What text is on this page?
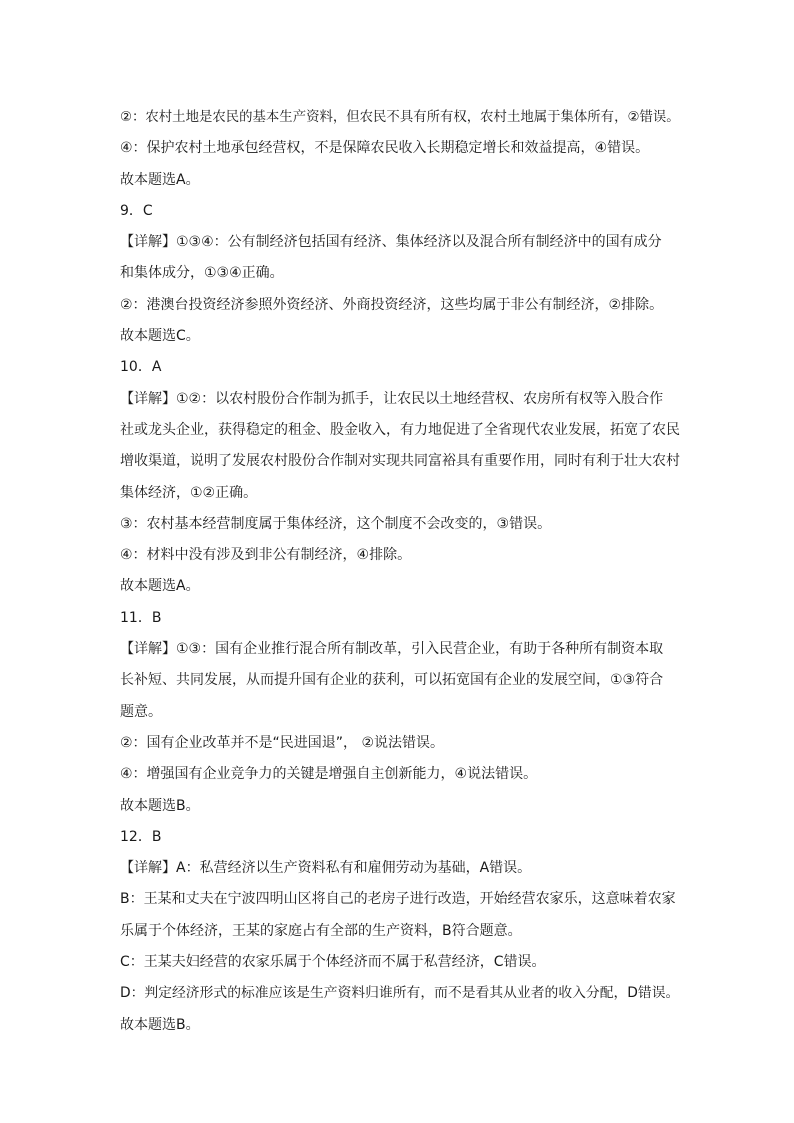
②：农村土地是农民的基本生产资料，但农民不具有所有权，农村土地属于集体所有，②错误。
④：保护农村土地承包经营权，不是保障农民收入长期稳定增长和效益提高，④错误。
故本题选A。
9．C
【详解】①③④：公有制经济包括国有经济、集体经济以及混合所有制经济中的国有成分
和集体成分，①③④正确。
②：港澳台投资经济参照外资经济、外商投资经济，这些均属于非公有制经济，②排除。
故本题选C。
10．A
【详解】①②：以农村股份合作制为抓手，让农民以土地经营权、农房所有权等入股合作
社或龙头企业，获得稳定的租金、股金收入，有力地促进了全省现代农业发展，拓宽了农民
增收渠道，说明了发展农村股份合作制对实现共同富裕具有重要作用，同时有利于壮大农村
集体经济，①②正确。
③：农村基本经营制度属于集体经济，这个制度不会改变的，③错误。
④：材料中没有涉及到非公有制经济，④排除。
故本题选A。
11．B
【详解】①③：国有企业推行混合所有制改革，引入民营企业，有助于各种所有制资本取
长补短、共同发展，从而提升国有企业的获利，可以拓宽国有企业的发展空间，①③符合
题意。
②：国有企业改革并不是“民进国退”， ②说法错误。
④：增强国有企业竞争力的关键是增强自主创新能力，④说法错误。
故本题选B。
12．B
【详解】A：私营经济以生产资料私有和雇佣劳动为基础，A错误。
B：王某和丈夫在宁波四明山区将自己的老房子进行改造，开始经营农家乐，这意味着农家
乐属于个体经济，王某的家庭占有全部的生产资料，B符合题意。
C：王某夫妇经营的农家乐属于个体经济而不属于私营经济，C错误。
D：判定经济形式的标准应该是生产资料归谁所有，而不是看其从业者的收入分配，D错误。
故本题选B。
